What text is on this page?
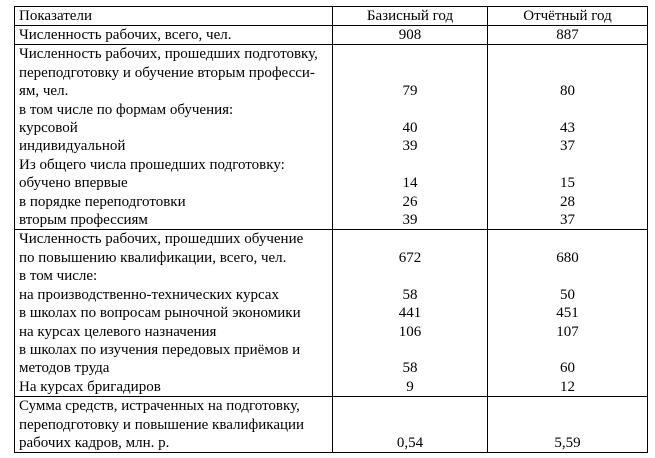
Показатели	Базисный год	Отчётный год

Численность рабочих, всего, чел.	908	887

Численность рабочих, прошедших подготовку,
переподготовку и обучение вторым професси-
ям, чел.	79	80

в том числе по формам обучения:		

курсовой	40	43

индивидуальной	39	37

Из общего числа прошедших подготовку:		

обучено впервые	14	15

в порядке переподготовки	26	28

вторым профессиям	39	37

Численность рабочих, прошедших обучение
по повышению квалификации, всего, чел.	672	680

в том числе:		

на производственно-технических курсах	58	50

в школах по вопросам рыночной экономики	441	451

на курсах целевого назначения	106	107

в школах по изучения передовых приёмов и
методов труда	58	60

На курсах бригадиров	9	12

Сумма средств, истраченных на подготовку,
переподготовку и повышение квалификации
рабочих кадров, млн. р.	0,54	5,59
